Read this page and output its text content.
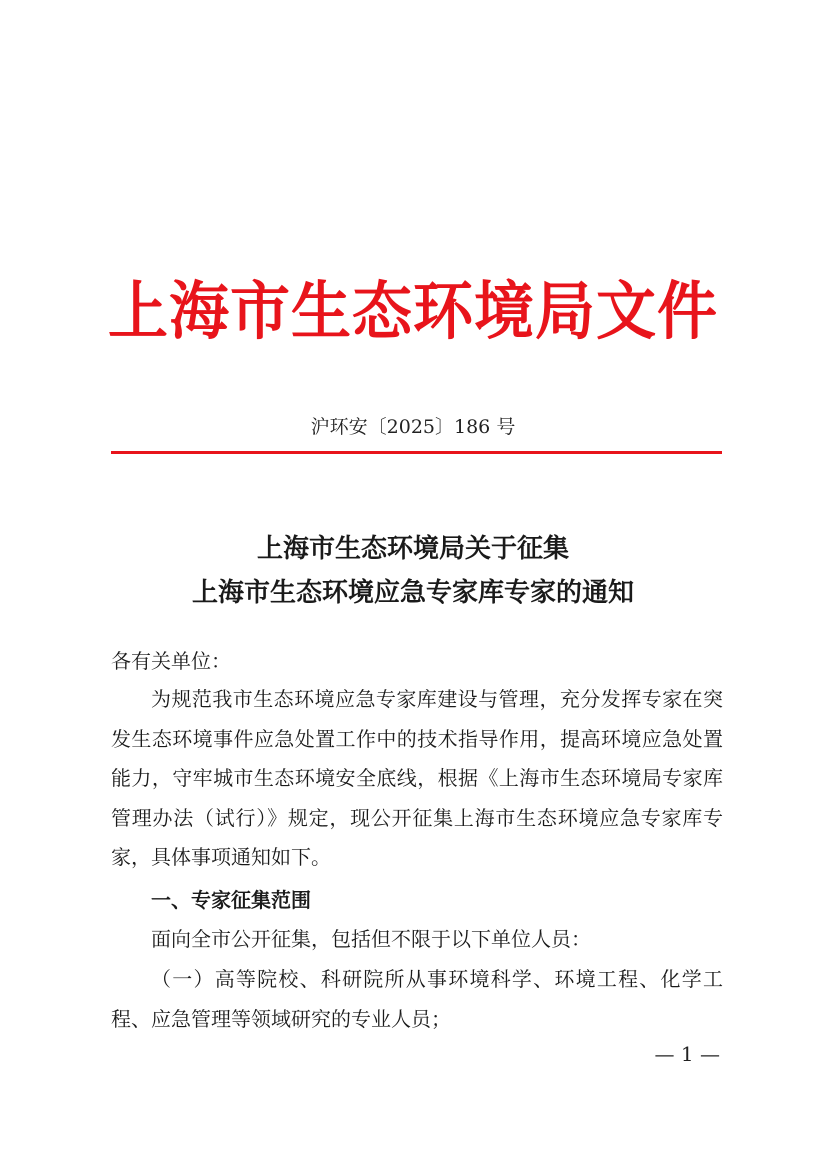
上海市生态环境局文件
沪环安〔2025〕186 号
上海市生态环境局关于征集
上海市生态环境应急专家库专家的通知
各有关单位：
为规范我市生态环境应急专家库建设与管理，充分发挥专家在突发生态环境事件应急处置工作中的技术指导作用，提高环境应急处置能力，守牢城市生态环境安全底线，根据《上海市生态环境局专家库管理办法（试行）》规定，现公开征集上海市生态环境应急专家库专家，具体事项通知如下。
一、专家征集范围
面向全市公开征集，包括但不限于以下单位人员：
（一）高等院校、科研院所从事环境科学、环境工程、化学工程、应急管理等领域研究的专业人员；
— 1 —
